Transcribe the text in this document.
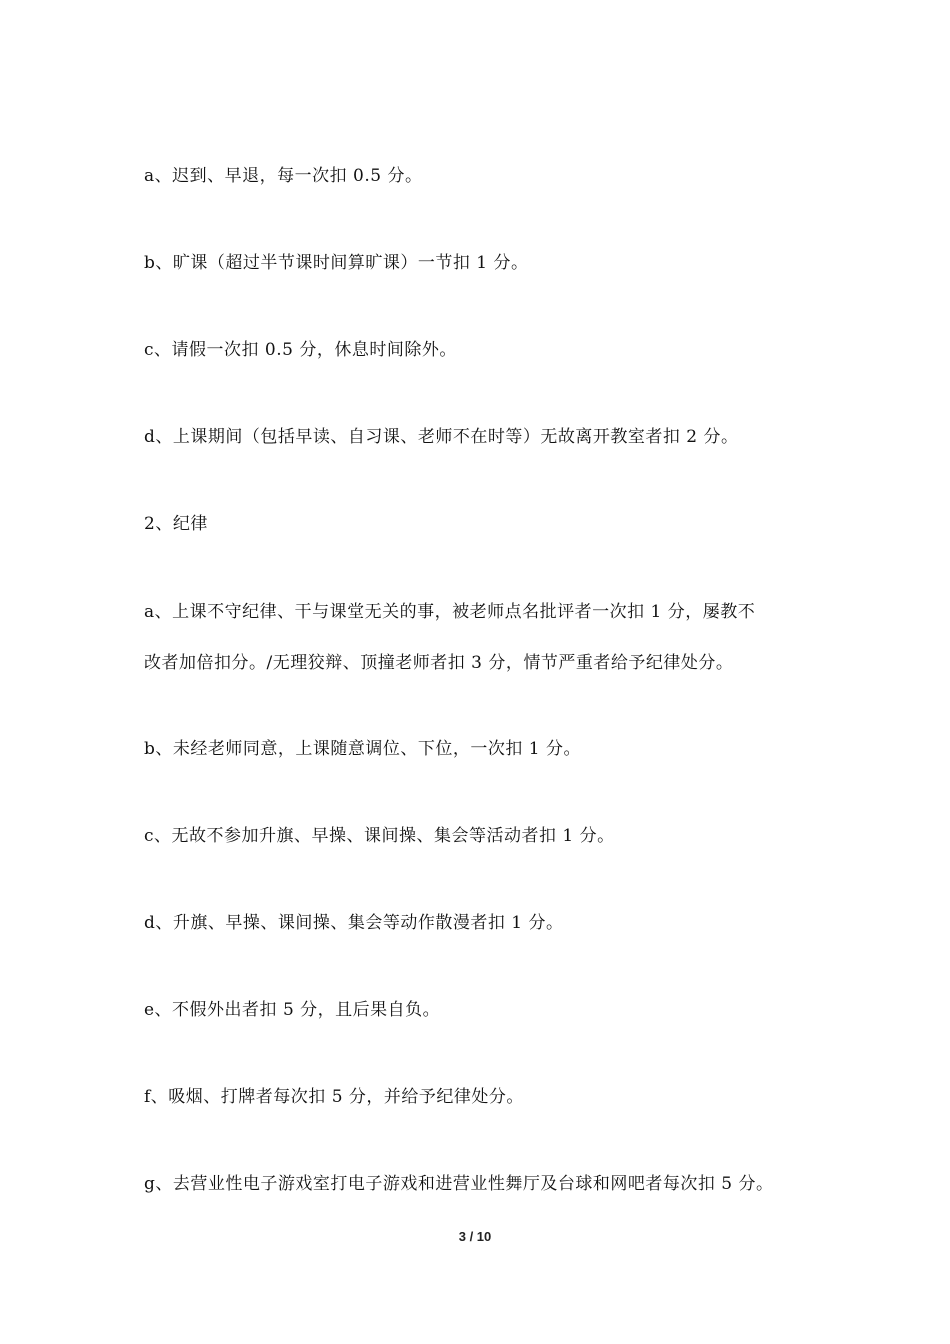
a、迟到、早退，每一次扣 0.5 分。
b、旷课（超过半节课时间算旷课）一节扣 1 分。
c、请假一次扣 0.5 分，休息时间除外。
d、上课期间（包括早读、自习课、老师不在时等）无故离开教室者扣 2 分。
2、纪律
a、上课不守纪律、干与课堂无关的事，被老师点名批评者一次扣 1 分，屡教不
改者加倍扣分。/无理狡辩、顶撞老师者扣 3 分，情节严重者给予纪律处分。
b、未经老师同意，上课随意调位、下位，一次扣 1 分。
c、无故不参加升旗、早操、课间操、集会等活动者扣 1 分。
d、升旗、早操、课间操、集会等动作散漫者扣 1 分。
e、不假外出者扣 5 分，且后果自负。
f、吸烟、打牌者每次扣 5 分，并给予纪律处分。
g、去营业性电子游戏室打电子游戏和进营业性舞厅及台球和网吧者每次扣 5 分。
3 / 10
